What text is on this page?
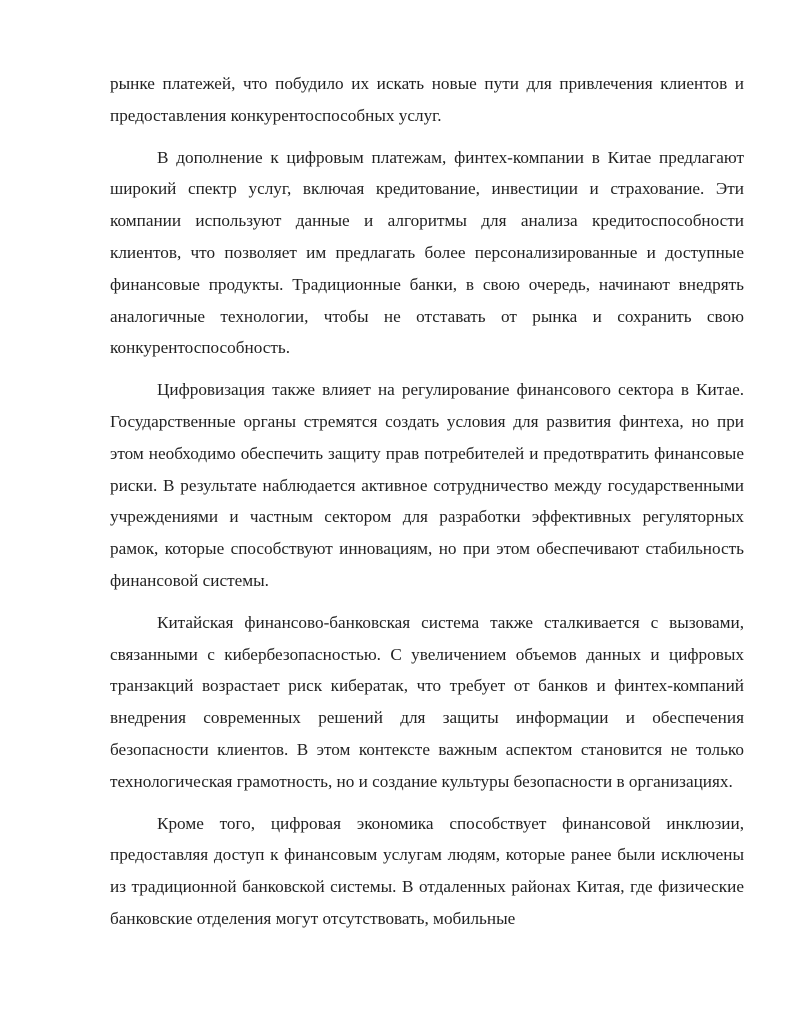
рынке платежей, что побудило их искать новые пути для привлечения клиентов и предоставления конкурентоспособных услуг.

В дополнение к цифровым платежам, финтех-компании в Китае предлагают широкий спектр услуг, включая кредитование, инвестиции и страхование. Эти компании используют данные и алгоритмы для анализа кредитоспособности клиентов, что позволяет им предлагать более персонализированные и доступные финансовые продукты. Традиционные банки, в свою очередь, начинают внедрять аналогичные технологии, чтобы не отставать от рынка и сохранить свою конкурентоспособность.

Цифровизация также влияет на регулирование финансового сектора в Китае. Государственные органы стремятся создать условия для развития финтеха, но при этом необходимо обеспечить защиту прав потребителей и предотвратить финансовые риски. В результате наблюдается активное сотрудничество между государственными учреждениями и частным сектором для разработки эффективных регуляторных рамок, которые способствуют инновациям, но при этом обеспечивают стабильность финансовой системы.

Китайская финансово-банковская система также сталкивается с вызовами, связанными с кибербезопасностью. С увеличением объемов данных и цифровых транзакций возрастает риск кибератак, что требует от банков и финтех-компаний внедрения современных решений для защиты информации и обеспечения безопасности клиентов. В этом контексте важным аспектом становится не только технологическая грамотность, но и создание культуры безопасности в организациях.

Кроме того, цифровая экономика способствует финансовой инклюзии, предоставляя доступ к финансовым услугам людям, которые ранее были исключены из традиционной банковской системы. В отдаленных районах Китая, где физические банковские отделения могут отсутствовать, мобильные
